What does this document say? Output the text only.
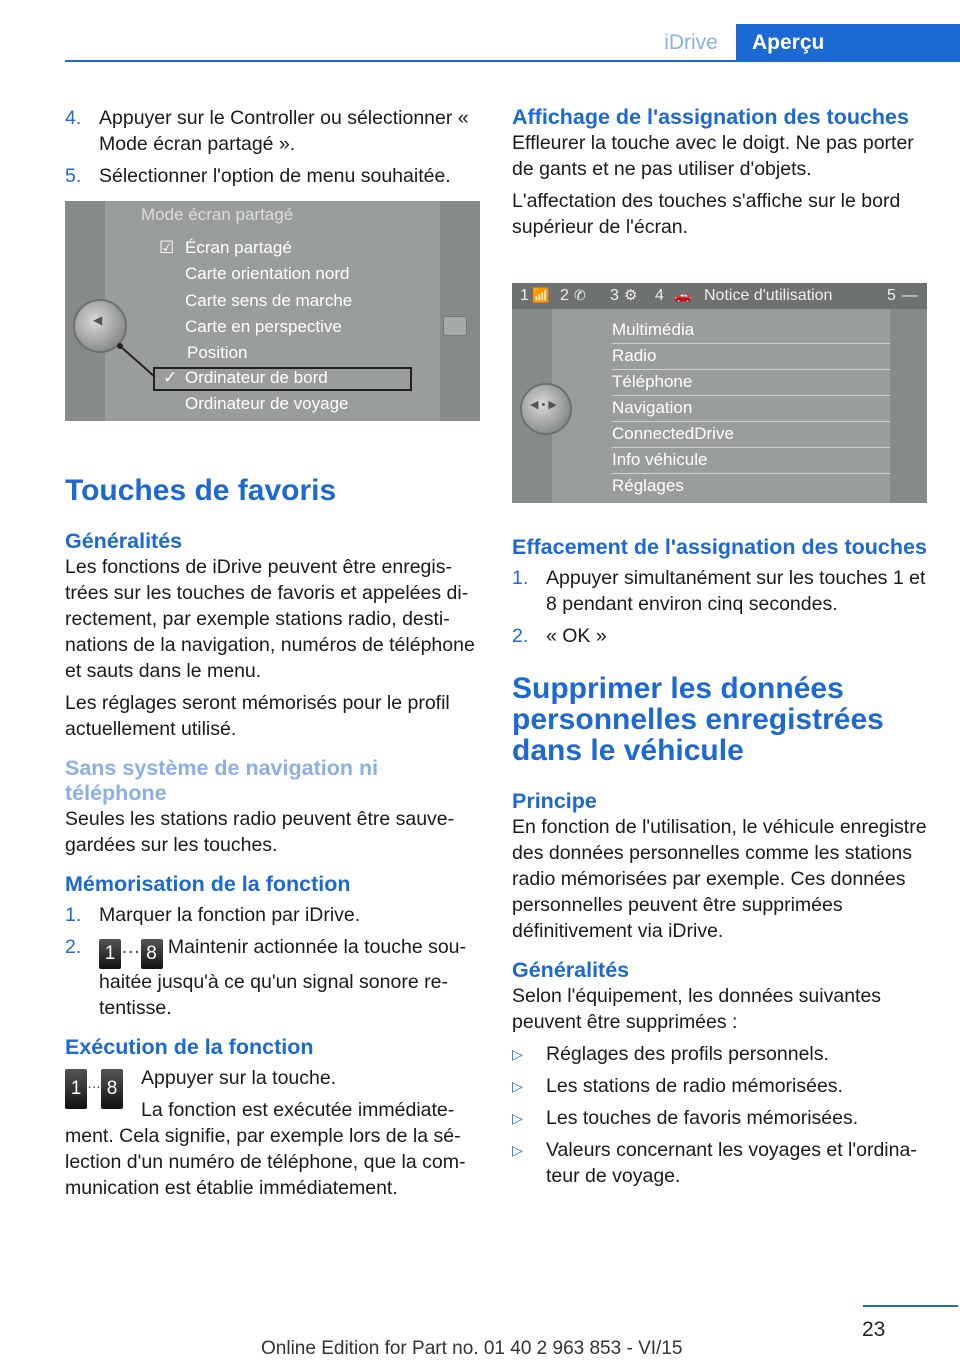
iDrive	Aperçu
4. Appuyer sur le Controller ou sélectionner « Mode écran partagé ».
5. Sélectionner l'option de menu souhaitée.
Mode écran partagé
☑ Écran partagé
Carte orientation nord
Carte sens de marche
Carte en perspective
Position
✓ Ordinateur de bord
Ordinateur de voyage
◀
Touches de favoris
Généralités

Les fonctions de iDrive peuvent être enregistrées sur les touches de favoris et appelées directement, par exemple stations radio, destinations de la navigation, numéros de téléphone et sauts dans le menu.

Les réglages seront mémorisés pour le profil actuellement utilisé.

Sans système de navigation ni téléphone

Seules les stations radio peuvent être sauvegardées sur les touches.

Mémorisation de la fonction
1. Marquer la fonction par iDrive.
2. 1 … 8 Maintenir actionnée la touche souhaitée jusqu'à ce qu'un signal sonore retentisse.
Exécution de la fonction
1 … 8	Appuyer sur la touche.

La fonction est exécutée immédiatement. Cela signifie, par exemple lors de la sélection d'un numéro de téléphone, que la communication est établie immédiatement.

Affichage de l'assignation des touches

Effleurer la touche avec le doigt. Ne pas porter de gants et ne pas utiliser d'objets.

L'affectation des touches s'affiche sur le bord supérieur de l'écran.

1 📶 2 ✆ 3 ⚙ 4 🚗 Notice d'utilisation	5 —
Multimédia
Radio
Téléphone
Navigation
ConnectedDrive
Info véhicule
Réglages
◀ • ▶
Effacement de l'assignation des touches
1. Appuyer simultanément sur les touches 1 et 8 pendant environ cinq secondes.
2. « OK »
Supprimer les données personnelles enregistrées dans le véhicule
Principe

En fonction de l'utilisation, le véhicule enregistre des données personnelles comme les stations radio mémorisées par exemple. Ces données personnelles peuvent être supprimées définitivement via iDrive.

Généralités

Selon l'équipement, les données suivantes peuvent être supprimées :

▷ Réglages des profils personnels.
▷ Les stations de radio mémorisées.
▷ Les touches de favoris mémorisées.
▷ Valeurs concernant les voyages et l'ordinateur de voyage.
23
Online Edition for Part no. 01 40 2 963 853 - VI/15
